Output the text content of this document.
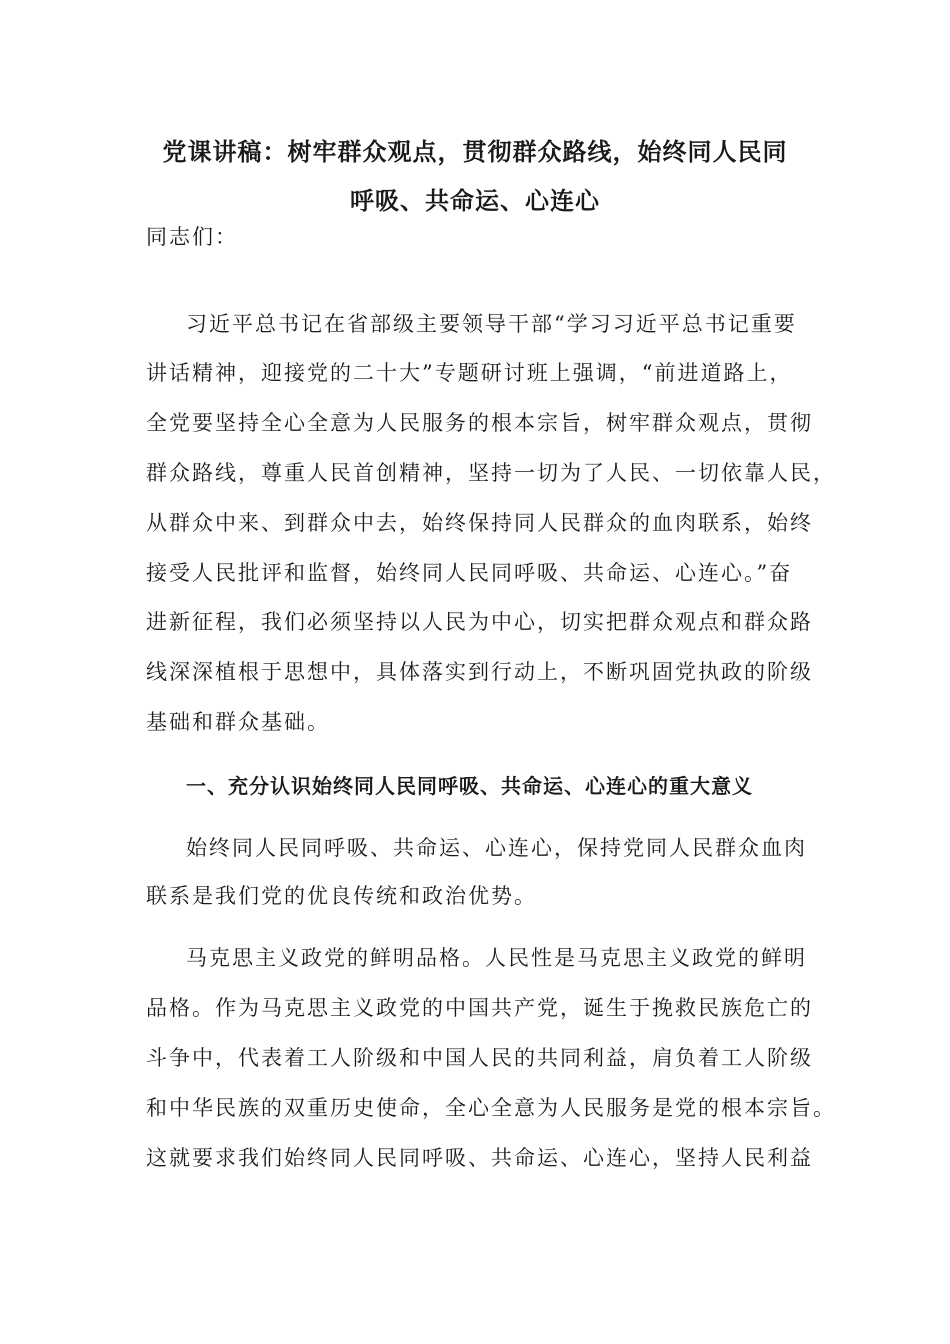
党课讲稿：树牢群众观点，贯彻群众路线，始终同人民同
呼吸、共命运、心连心
同志们：
习近平总书记在省部级主要领导干部“学习习近平总书记重要
讲话精神，迎接党的二十大”专题研讨班上强调，“前进道路上，
全党要坚持全心全意为人民服务的根本宗旨，树牢群众观点，贯彻
群众路线，尊重人民首创精神，坚持一切为了人民、一切依靠人民，
从群众中来、到群众中去，始终保持同人民群众的血肉联系，始终
接受人民批评和监督，始终同人民同呼吸、共命运、心连心。”奋
进新征程，我们必须坚持以人民为中心，切实把群众观点和群众路
线深深植根于思想中，具体落实到行动上，不断巩固党执政的阶级
基础和群众基础。
一、充分认识始终同人民同呼吸、共命运、心连心的重大意义
始终同人民同呼吸、共命运、心连心，保持党同人民群众血肉
联系是我们党的优良传统和政治优势。
马克思主义政党的鲜明品格。人民性是马克思主义政党的鲜明
品格。作为马克思主义政党的中国共产党，诞生于挽救民族危亡的
斗争中，代表着工人阶级和中国人民的共同利益，肩负着工人阶级
和中华民族的双重历史使命，全心全意为人民服务是党的根本宗旨。
这就要求我们始终同人民同呼吸、共命运、心连心，坚持人民利益
